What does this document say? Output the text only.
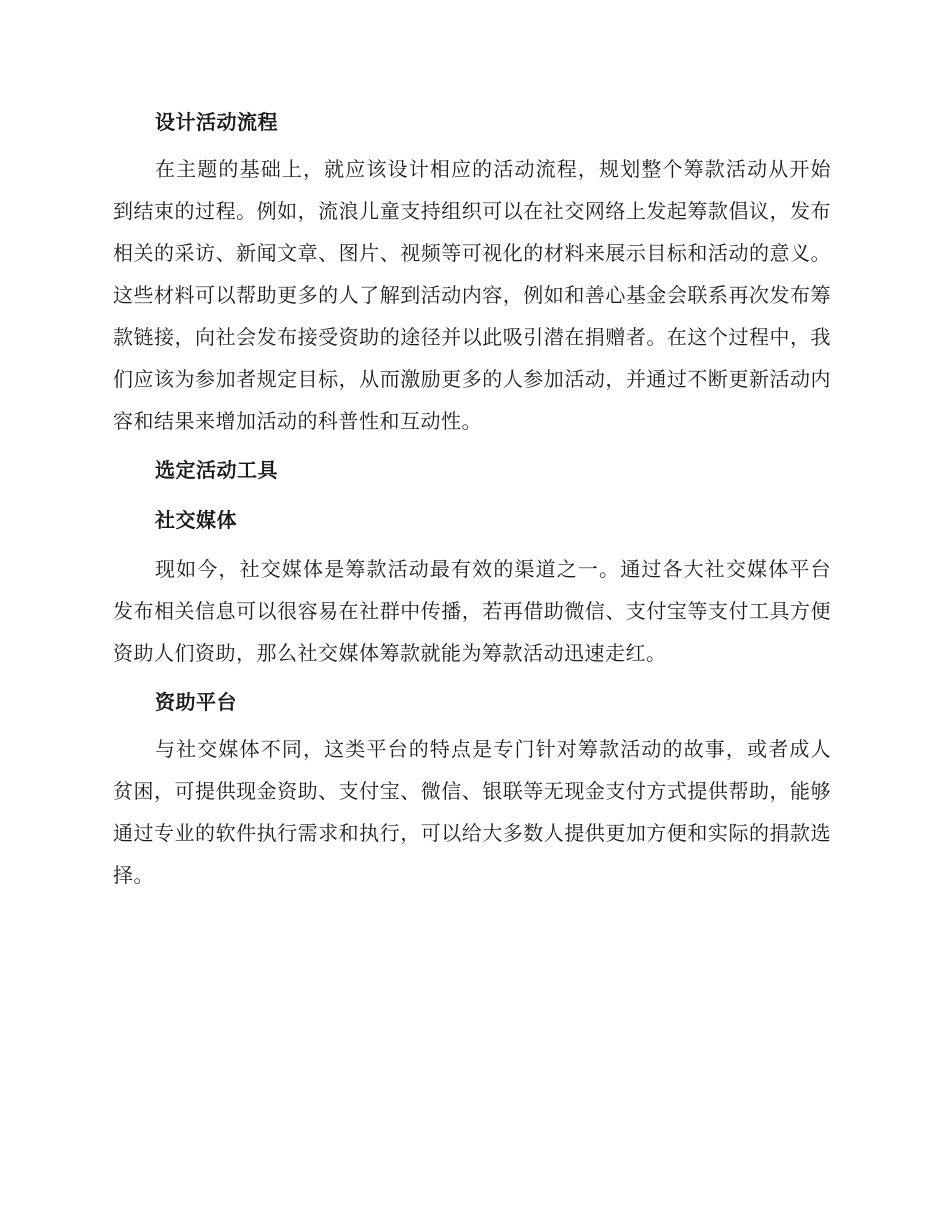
设计活动流程

在主题的基础上，就应该设计相应的活动流程，规划整个筹款活动从开始到结束的过程。例如，流浪儿童支持组织可以在社交网络上发起筹款倡议，发布相关的采访、新闻文章、图片、视频等可视化的材料来展示目标和活动的意义。这些材料可以帮助更多的人了解到活动内容，例如和善心基金会联系再次发布筹款链接，向社会发布接受资助的途径并以此吸引潜在捐赠者。在这个过程中，我们应该为参加者规定目标，从而激励更多的人参加活动，并通过不断更新活动内容和结果来增加活动的科普性和互动性。

选定活动工具
社交媒体

现如今，社交媒体是筹款活动最有效的渠道之一。通过各大社交媒体平台发布相关信息可以很容易在社群中传播，若再借助微信、支付宝等支付工具方便资助人们资助，那么社交媒体筹款就能为筹款活动迅速走红。

资助平台

与社交媒体不同，这类平台的特点是专门针对筹款活动的故事，或者成人贫困，可提供现金资助、支付宝、微信、银联等无现金支付方式提供帮助，能够通过专业的软件执行需求和执行，可以给大多数人提供更加方便和实际的捐款选择。
